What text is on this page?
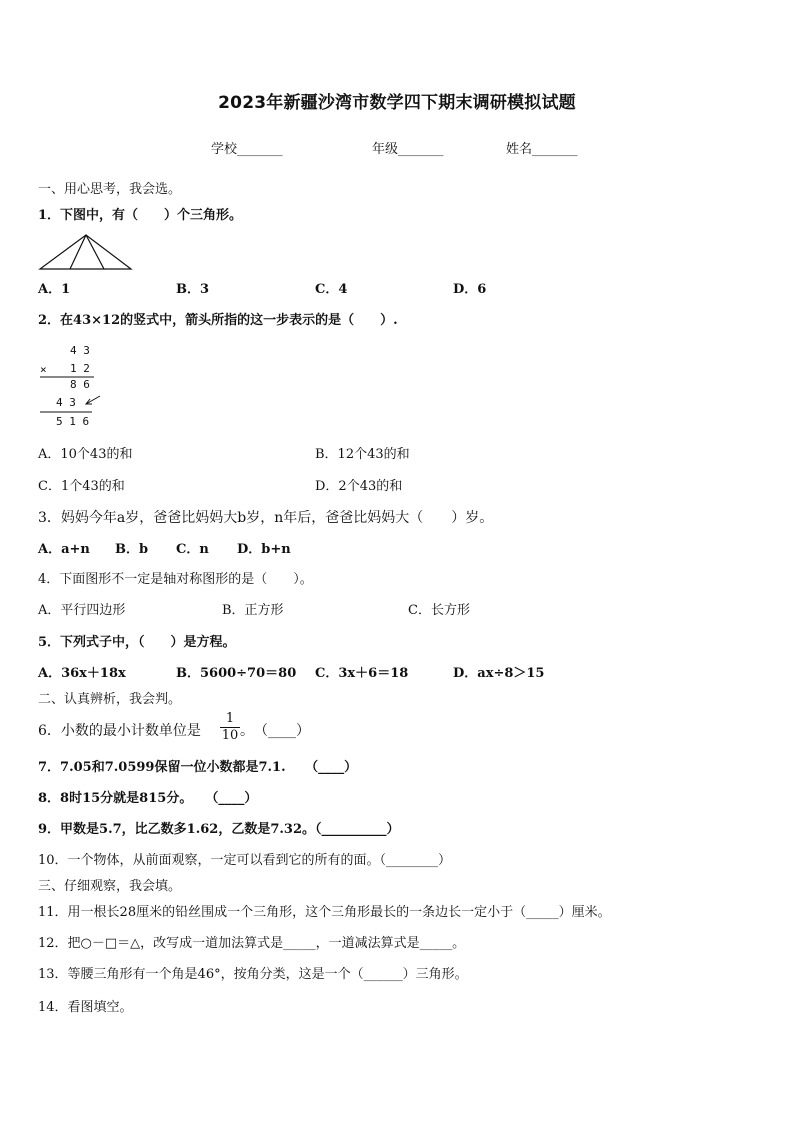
2023年新疆沙湾市数学四下期末调研模拟试题
学校_______	年级_______	姓名_______
一、用心思考，我会选。
1．下图中，有（　　）个三角形。
A．1	B．3	C．4	D．6
2．在43×12的竖式中，箭头所指的这一步表示的是（　　）.
4 3
× 1 2
8 6
4 3
5 1 6
A．10个43的和	B．12个43的和
C．1个43的和	D．2个43的和
3．妈妈今年a岁，爸爸比妈妈大b岁，n年后，爸爸比妈妈大（　　）岁。
A．a+n B．b C．n D．b+n
4．下面图形不一定是轴对称图形的是（　　）。
A．平行四边形	B．正方形	C．长方形
5．下列式子中，（　　）是方程。
A．36x＋18x	B．5600÷70＝80 C．3x＋6＝18	D．ax÷8＞15
二、认真辨析，我会判。
6．小数的最小计数单位是
1
10 。　（____）
7．7.05和7.0599保留一位小数都是7.1.　　（____）
8．8时15分就是815分。　　（____）
9．甲数是5.7，比乙数多1.62，乙数是7.32。（__________）
10．一个物体，从前面观察，一定可以看到它的所有的面。（________）
三、仔细观察，我会填。
11．用一根长28厘米的铅丝围成一个三角形，这个三角形最长的一条边长一定小于（_____）厘米。
12．把○－□＝△，改写成一道加法算式是_____，一道减法算式是_____。
13．等腰三角形有一个角是46°，按角分类，这是一个（______）三角形。
14．看图填空。
